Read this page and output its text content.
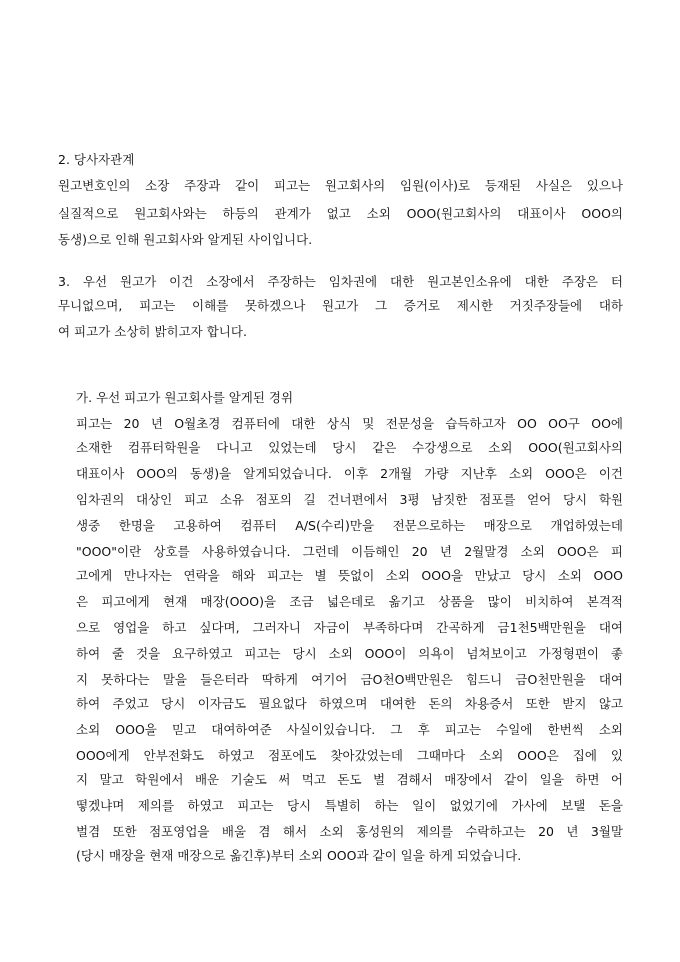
2. 당사자관계
원고변호인의 소장 주장과 같이 피고는 원고회사의 임원(이사)로 등재된 사실은 있으나
실질적으로 원고회사와는 하등의 관계가 없고 소외 OOO(원고회사의 대표이사 OOO의
동생)으로 인해 원고회사와 알게된 사이입니다.
3. 우선 원고가 이건 소장에서 주장하는 임차권에 대한 원고본인소유에 대한 주장은 터
무니없으며, 피고는 이해를 못하겠으나 원고가 그 증거로 제시한 거짓주장들에 대하
여 피고가 소상히 밝히고자 합니다.
가. 우선 피고가 원고회사를 알게된 경위
피고는 20 년 O월초경 컴퓨터에 대한 상식 및 전문성을 습득하고자 OO OO구 OO에
소재한 컴퓨터학원을 다니고 있었는데 당시 같은 수강생으로 소외 OOO(원고회사의
대표이사 OOO의 동생)을 알게되었습니다. 이후 2개월 가량 지난후 소외 OOO은 이건
임차권의 대상인 피고 소유 점포의 길 건너편에서 3평 남짓한 점포를 얻어 당시 학원
생중 한명을 고용하여 컴퓨터 A/S(수리)만을 전문으로하는 매장으로 개업하였는데
"OOO"이란 상호를 사용하였습니다. 그런데 이듬해인 20 년 2월말경 소외 OOO은 피
고에게 만나자는 연락을 해와 피고는 별 뜻없이 소외 OOO을 만났고 당시 소외 OOO
은 피고에게 현재 매장(OOO)을 조금 넓은데로 옮기고 상품을 많이 비치하여 본격적
으로 영업을 하고 싶다며, 그러자니 자금이 부족하다며 간곡하게 금1천5백만원을 대여
하여 줄 것을 요구하였고 피고는 당시 소외 OOO이 의욕이 넘쳐보이고 가정형편이 좋
지 못하다는 말을 들은터라 딱하게 여기어 금O천O백만원은 힘드니 금O천만원을 대여
하여 주었고 당시 이자금도 필요없다 하였으며 대여한 돈의 차용증서 또한 받지 않고
소외 OOO을 믿고 대여하여준 사실이있습니다. 그 후 피고는 수일에 한번씩 소외
OOO에게 안부전화도 하였고 점포에도 찾아갔었는데 그때마다 소외 OOO은 집에 있
지 말고 학원에서 배운 기술도 써 먹고 돈도 벌 겸해서 매장에서 같이 일을 하면 어
떻겠냐며 제의를 하였고 피고는 당시 특별히 하는 일이 없었기에 가사에 보탤 돈을
벌겸 또한 점포영업을 배울 겸 해서 소외 홍성원의 제의를 수락하고는 20 년 3월말
(당시 매장을 현재 매장으로 옮긴후)부터 소외 OOO과 같이 일을 하게 되었습니다.
